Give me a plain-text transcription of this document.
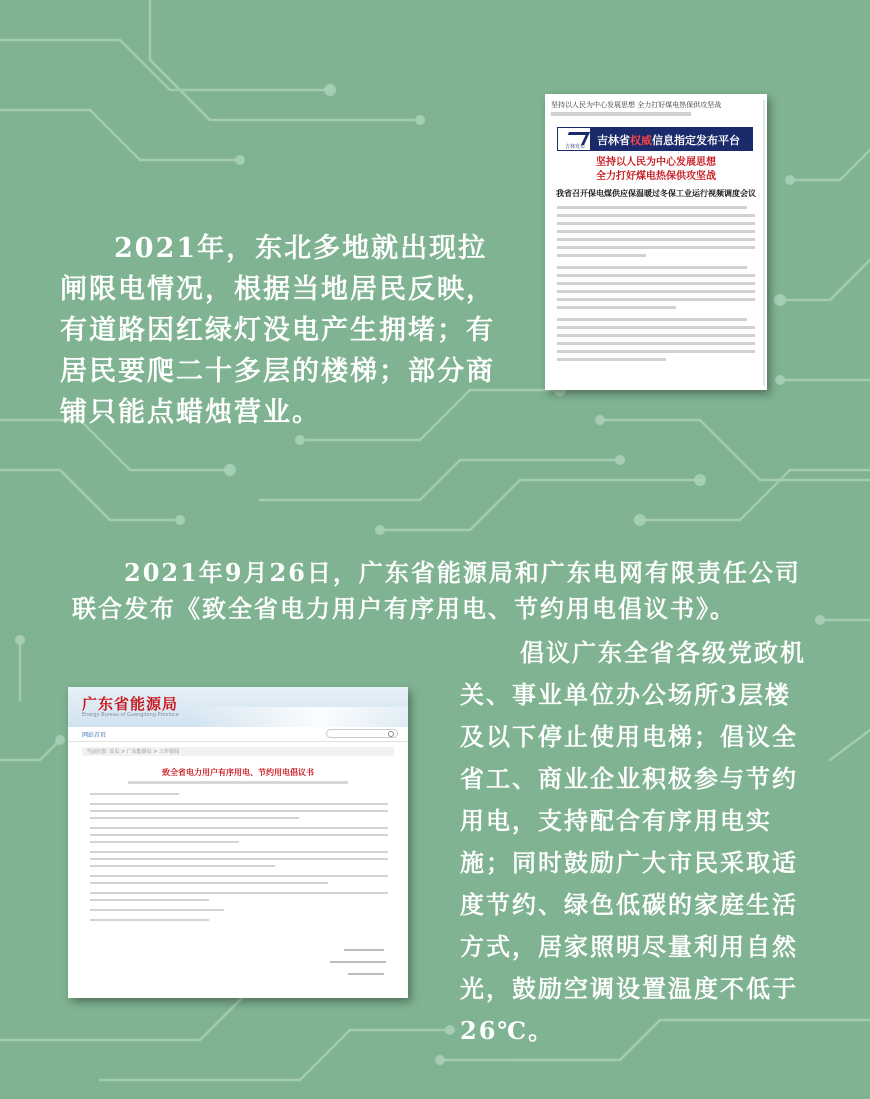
2021年，东北多地就出现拉闸限电情况，根据当地居民反映，有道路因红绿灯没电产生拥堵；有居民要爬二十多层的楼梯；部分商铺只能点蜡烛营业。

坚持以人民为中心发展思想 全力打好煤电热保供攻坚战
吉林发布	吉林省权威信息指定发布平台
坚持以人民为中心发展思想
全力打好煤电热保供攻坚战
我省召开保电煤供应保温暖过冬保工业运行视频调度会议

2021年9月26日，广东省能源局和广东电网有限责任公司联合发布《致全省电力用户有序用电、节约用电倡议书》。

广东省能源局
Energy Bureau of Guangdong Province
网站首页
当前位置: 首页 > 广东能源局 > 工作要闻
致全省电力用户有序用电、节约用电倡议书

倡议广东全省各级党政机关、事业单位办公场所3层楼及以下停止使用电梯；倡议全省工、商业企业积极参与节约用电，支持配合有序用电实施；同时鼓励广大市民采取适度节约、绿色低碳的家庭生活方式，居家照明尽量利用自然光，鼓励空调设置温度不低于26℃。
